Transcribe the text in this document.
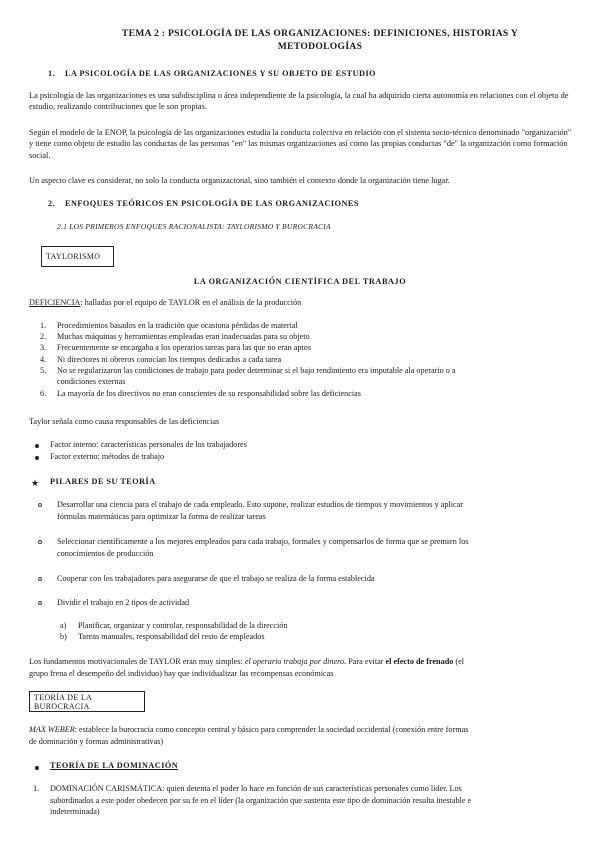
TEMA 2 : PSICOLOGÍA DE LAS ORGANIZACIONES: DEFINICIONES, HISTORIAS Y
METODOLOGÍAS
1. LA PSICOLOGÍA DE LAS ORGANIZACIONES Y SU OBJETO DE ESTUDIO
La psicología de las organizaciones es una subdisciplina o área independiente de la psicología, la cual ha adquirido cierta autonomía en relaciones con el objeto de estudio, realizando contribuciones que le son propias.
Según el modelo de la ENOP, la psicología de las organizaciones estudia la conducta colectiva en relación con el sistema socio-técnico denominado "organización" y tiene como objeto de estudio las conductas de las personas "en" las mismas organizaciones así como las propias conductas "de" la organización como formación social.
Un aspecto clave es considerar, no solo la conducta organizacional, sino también el contexto donde la organización tiene lugar.
2. ENFOQUES TEÓRICOS EN PSICOLOGÍA DE LAS ORGANIZACIONES
2.1 LOS PRIMEROS ENFOQUES RACIONALISTA: TAYLORISMO Y BUROCRACIA
TAYLORISMO
LA ORGANIZACIÓN CIENTÍFICA DEL TRABAJO
DEFICIENCIA: halladas por el equipo de TAYLOR en el análisis de la producción
1. Procedimientos basados en la tradición que ocasiona pérdidas de material
2. Muchas máquinas y herramientas empleadas eran inadecuadas para su objeto
3. Frecuentemente se encargaba a los operarios tareas para las que no eran aptos
4. Ni directores ni obreros conocían los tiempos dedicados a cada tarea
5. No se regularizaron las condiciones de trabajo para poder determinar si el bajo rendimiento era imputable ala operario o a
condiciones externas
6. La mayoría de los directivos no eran conscientes de su responsabilidad sobre las deficiencias
Taylor señala como causa responsables de las deficiencias
Factor interno: características personales de los trabajadores
Factor externo: métodos de trabajo
★ PILARES DE SU TEORÍA
Desarrollar una ciencia para el trabajo de cada empleado. Esto supone, realizar estudios de tiempos y movimientos y aplicar
fórmulas matemáticas para optimizar la forma de realizar tareas
Seleccionar científicamente a los mejores empleados para cada trabajo, formales y compensarlos de forma que se premien los
conocimientos de producción
Cooperar con los trabajadores para asegurarse de que el trabajo se realiza de la forma establecida
Dividir el trabajo en 2 tipos de actividad
a) Planificar, organizar y controlar, responsabilidad de la dirección
b) Tareas manuales, responsabilidad del resto de empleados
Los fundamentos motivacionales de TAYLOR eran muy simples: el operario trabaja por dinero. Para evitar el efecto de frenado (el
grupo frena el desempeño del individuo) hay que individualizar las recompensas económicas
TEORÍA DE LA BUROCRACIA
MAX WEBER: establece la burocracia como concepto central y básico para comprender la sociedad occidental (conexión entre formas
de dominación y formas administrativas)
TEORÍA DE LA DOMINACIÓN
1. DOMINACIÓN CARISMÁTICA: quien detenta el poder lo hace en función de sus características personales como líder. Los
subordinados a este poder obedecen por su fe en el líder (la organización que sustenta este tipo de dominación resulta inestable e
indeterminada)
